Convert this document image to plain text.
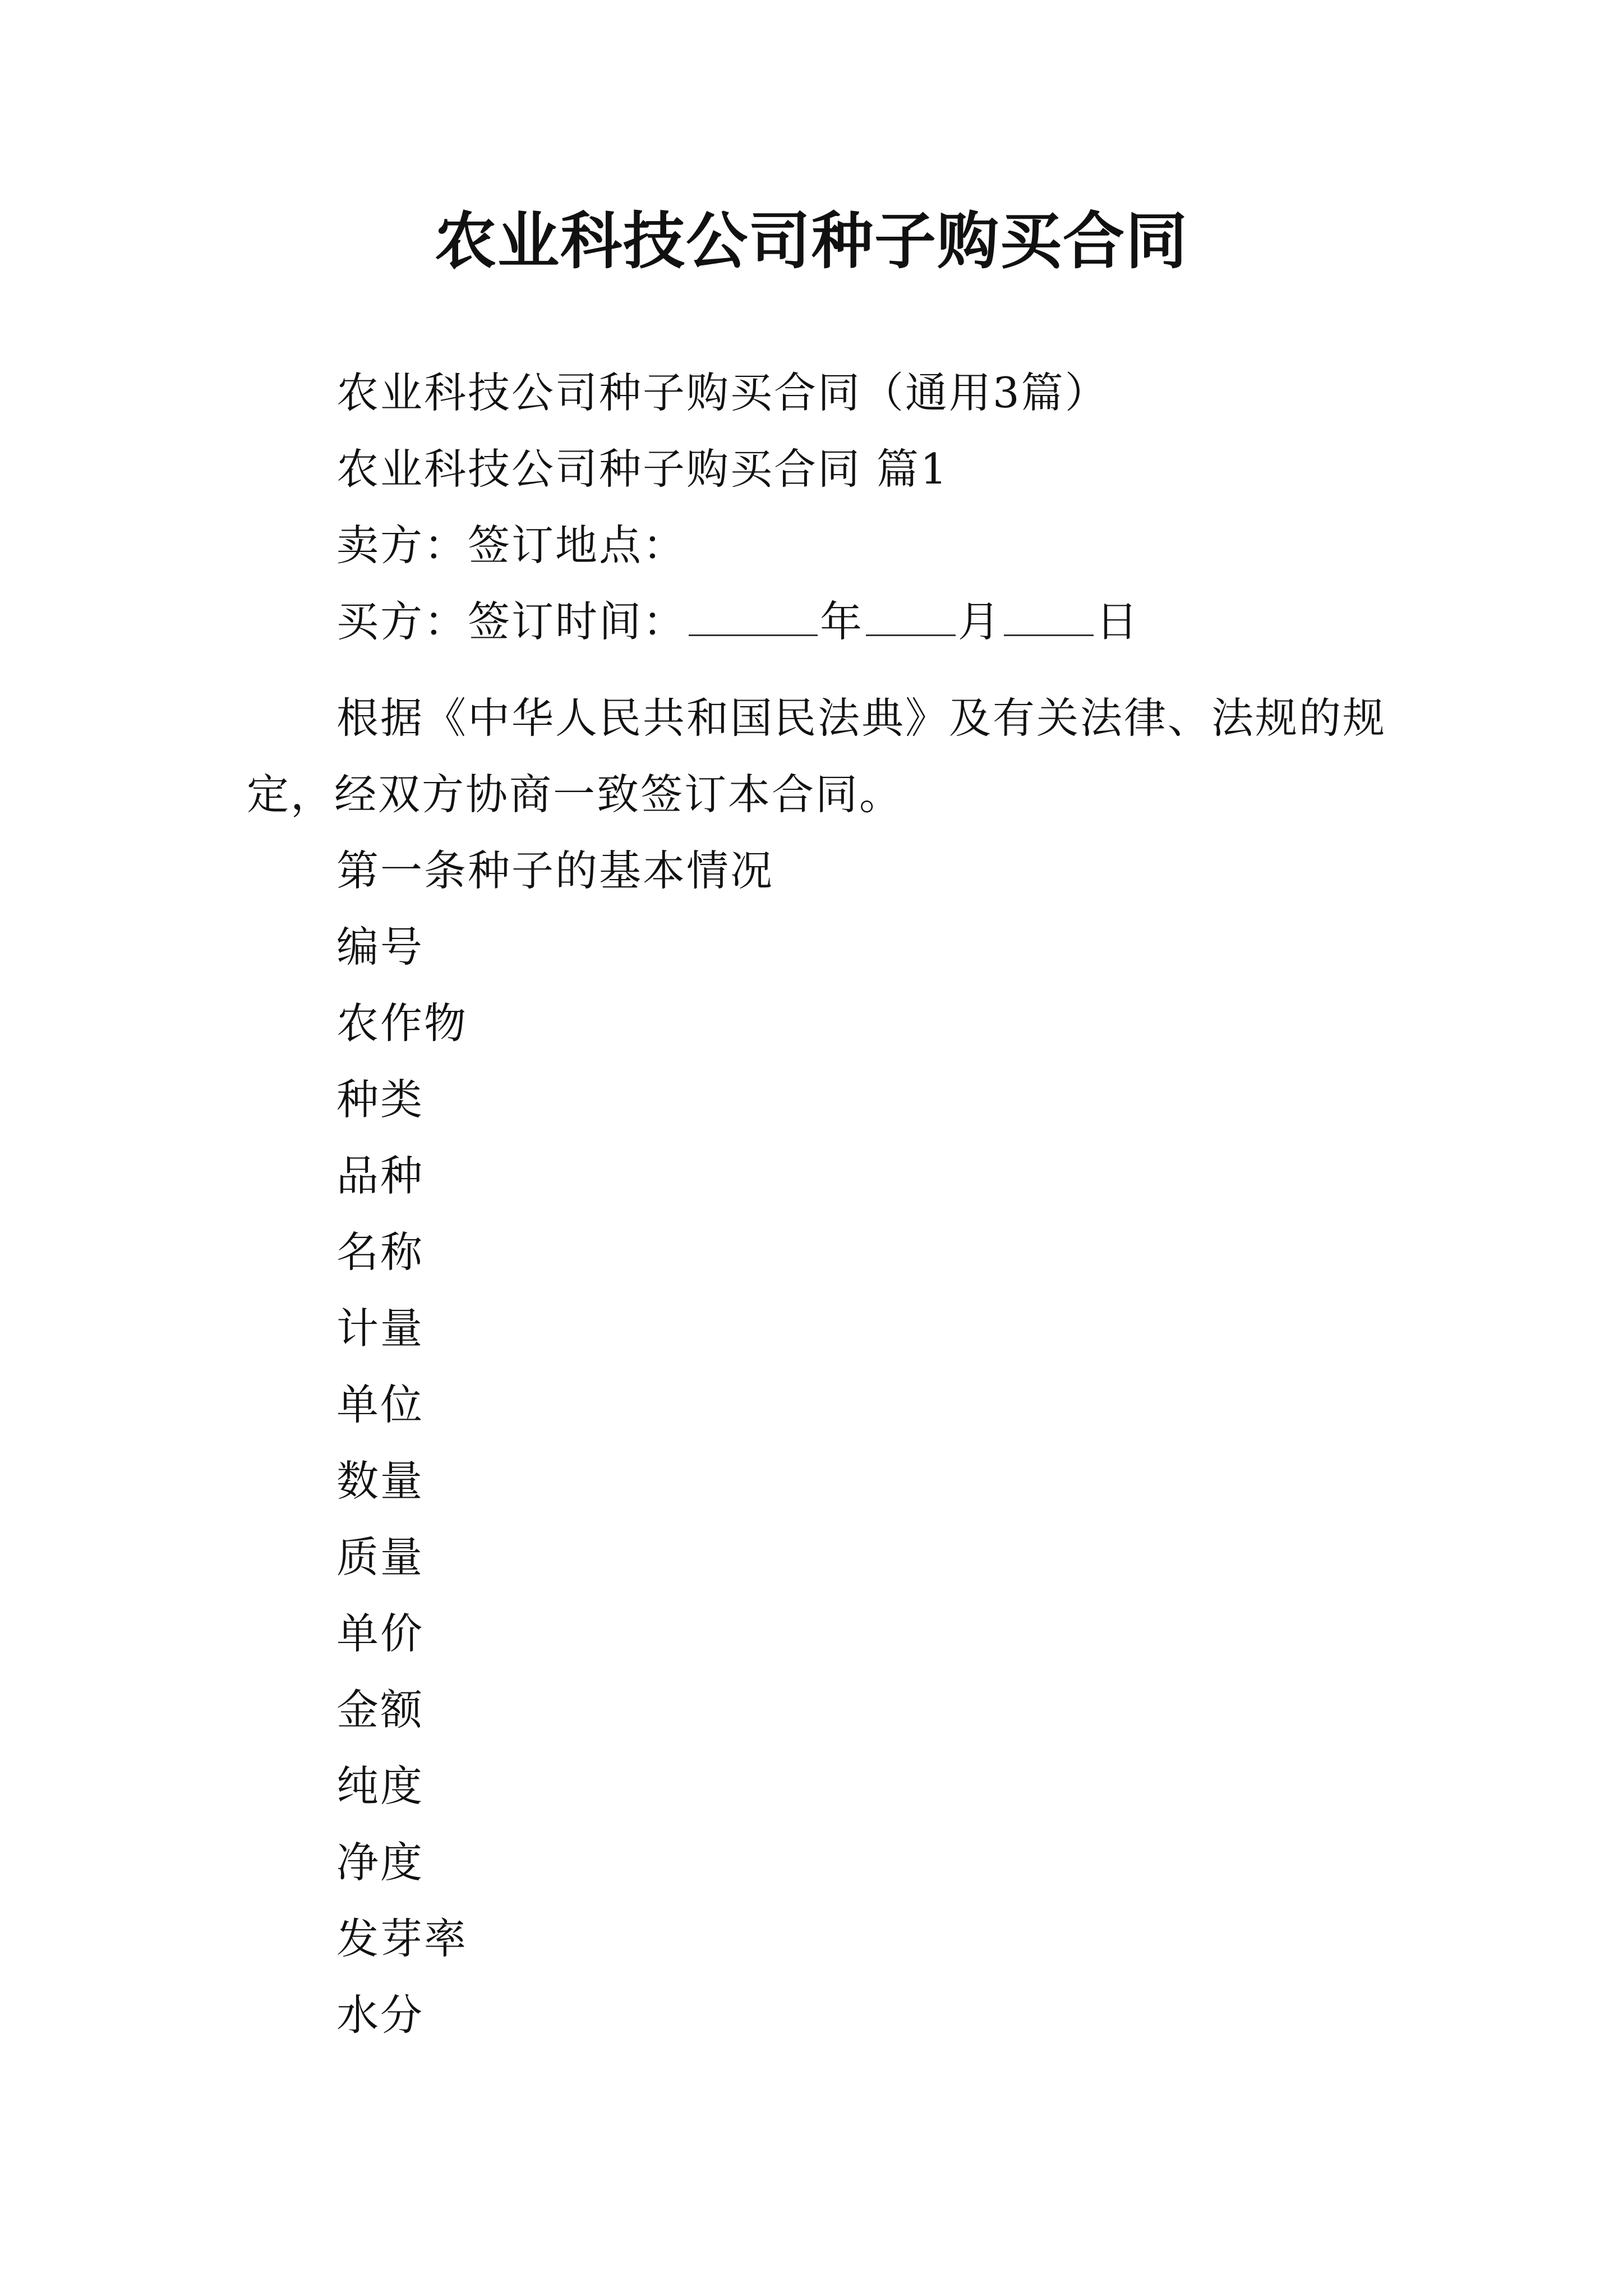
农业科技公司种子购买合同
农业科技公司种子购买合同（通用3篇）
农业科技公司种子购买合同 篇1
卖方：签订地点：
买方：签订时间：	年 月 日
根据《中华人民共和国民法典》及有关法律、法规的规
定，经双方协商一致签订本合同。
第一条种子的基本情况
编号
农作物
种类
品种
名称
计量
单位
数量
质量
单价
金额
纯度
净度
发芽率
水分
